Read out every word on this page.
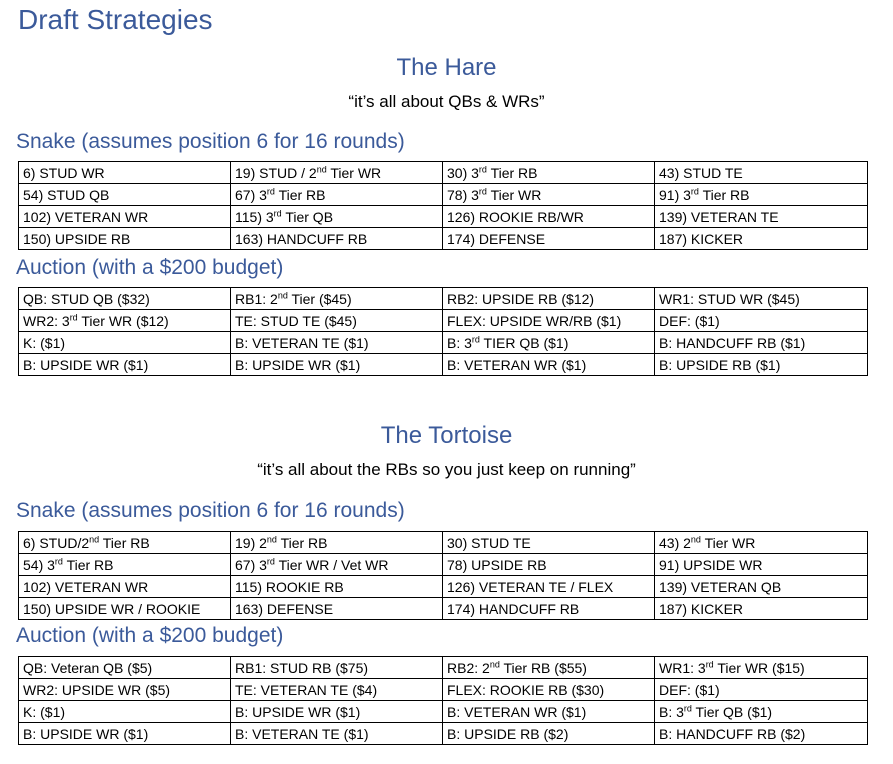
Draft Strategies
The Hare
“it’s all about QBs & WRs”
Snake (assumes position 6 for 16 rounds)
6) STUD WR	19) STUD / 2nd Tier WR	30) 3rd Tier RB	43) STUD TE
54) STUD QB	67) 3rd Tier RB	78) 3rd Tier WR	91) 3rd Tier RB
102) VETERAN WR	115) 3rd Tier QB	126) ROOKIE RB/WR	139) VETERAN TE
150) UPSIDE RB	163) HANDCUFF RB	174) DEFENSE	187) KICKER
Auction (with a $200 budget)
QB: STUD QB ($32)	RB1: 2nd Tier ($45)	RB2: UPSIDE RB ($12)	WR1: STUD WR ($45)
WR2: 3rd Tier WR ($12)	TE: STUD TE ($45)	FLEX: UPSIDE WR/RB ($1)	DEF: ($1)
K: ($1)	B: VETERAN TE ($1)	B: 3rd TIER QB ($1)	B: HANDCUFF RB ($1)
B: UPSIDE WR ($1)	B: UPSIDE WR ($1)	B: VETERAN WR ($1)	B: UPSIDE RB ($1)
The Tortoise
“it’s all about the RBs so you just keep on running”
Snake (assumes position 6 for 16 rounds)
6) STUD/2nd Tier RB	19) 2nd Tier RB	30) STUD TE	43) 2nd Tier WR
54) 3rd Tier RB	67) 3rd Tier WR / Vet WR	78) UPSIDE RB	91) UPSIDE WR
102) VETERAN WR	115) ROOKIE RB	126) VETERAN TE / FLEX	139) VETERAN QB
150) UPSIDE WR / ROOKIE	163) DEFENSE	174) HANDCUFF RB	187) KICKER
Auction (with a $200 budget)
QB: Veteran QB ($5)	RB1: STUD RB ($75)	RB2: 2nd Tier RB ($55)	WR1: 3rd Tier WR ($15)
WR2: UPSIDE WR ($5)	TE: VETERAN TE ($4)	FLEX: ROOKIE RB ($30)	DEF: ($1)
K: ($1)	B: UPSIDE WR ($1)	B: VETERAN WR ($1)	B: 3rd Tier QB ($1)
B: UPSIDE WR ($1)	B: VETERAN TE ($1)	B: UPSIDE RB ($2)	B: HANDCUFF RB ($2)
